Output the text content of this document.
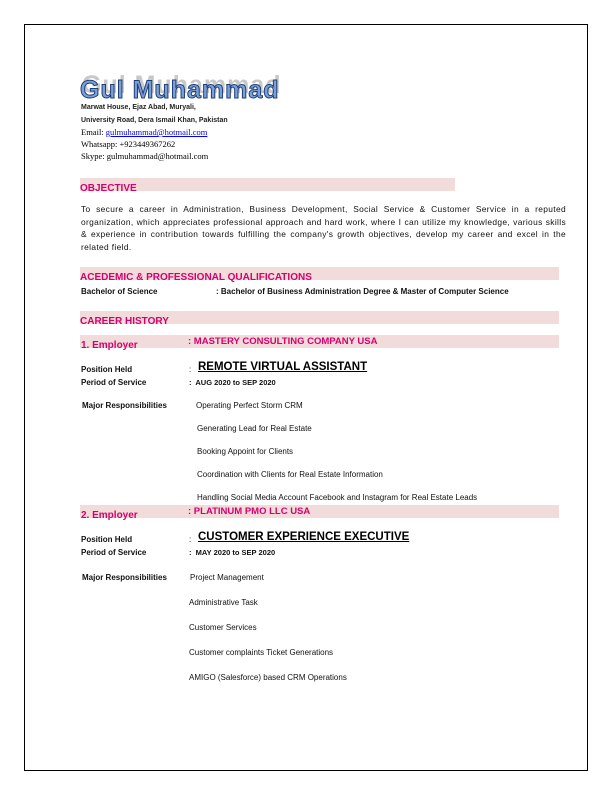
Gul Muhammad
Marwat House, Ejaz Abad, Muryali,
University Road, Dera Ismail Khan, Pakistan
Email: gulmuhammad@hotmail.com
Whatsapp: +923449367262
Skype: gulmuhammad@hotmail.com
OBJECTIVE
To secure a career in Administration, Business Development, Social Service & Customer Service in a reputed organization, which appreciates professional approach and hard work, where I can utilize my knowledge, various skills & experience in contribution towards fulfilling the company's growth objectives, develop my career and excel in the related field.
ACEDEMIC & PROFESSIONAL QUALIFICATIONS
Bachelor of Science	: Bachelor of Business Administration Degree & Master of Computer Science
CAREER HISTORY
1. Employer	: MASTERY CONSULTING COMPANY USA
Position Held	: REMOTE VIRTUAL ASSISTANT
Period of Service	:  AUG 2020 to SEP 2020
Major Responsibilities	Operating Perfect Storm CRM
Generating Lead for Real Estate
Booking Appoint for Clients
Coordination with Clients for Real Estate Information
Handling Social Media Account Facebook and Instagram for Real Estate Leads
2. Employer	: PLATINUM PMO LLC USA
Position Held	: CUSTOMER EXPERIENCE EXECUTIVE
Period of Service	:  MAY 2020 to SEP 2020
Major Responsibilities	Project Management
Administrative Task
Customer Services
Customer complaints Ticket Generations
AMIGO (Salesforce) based CRM Operations
